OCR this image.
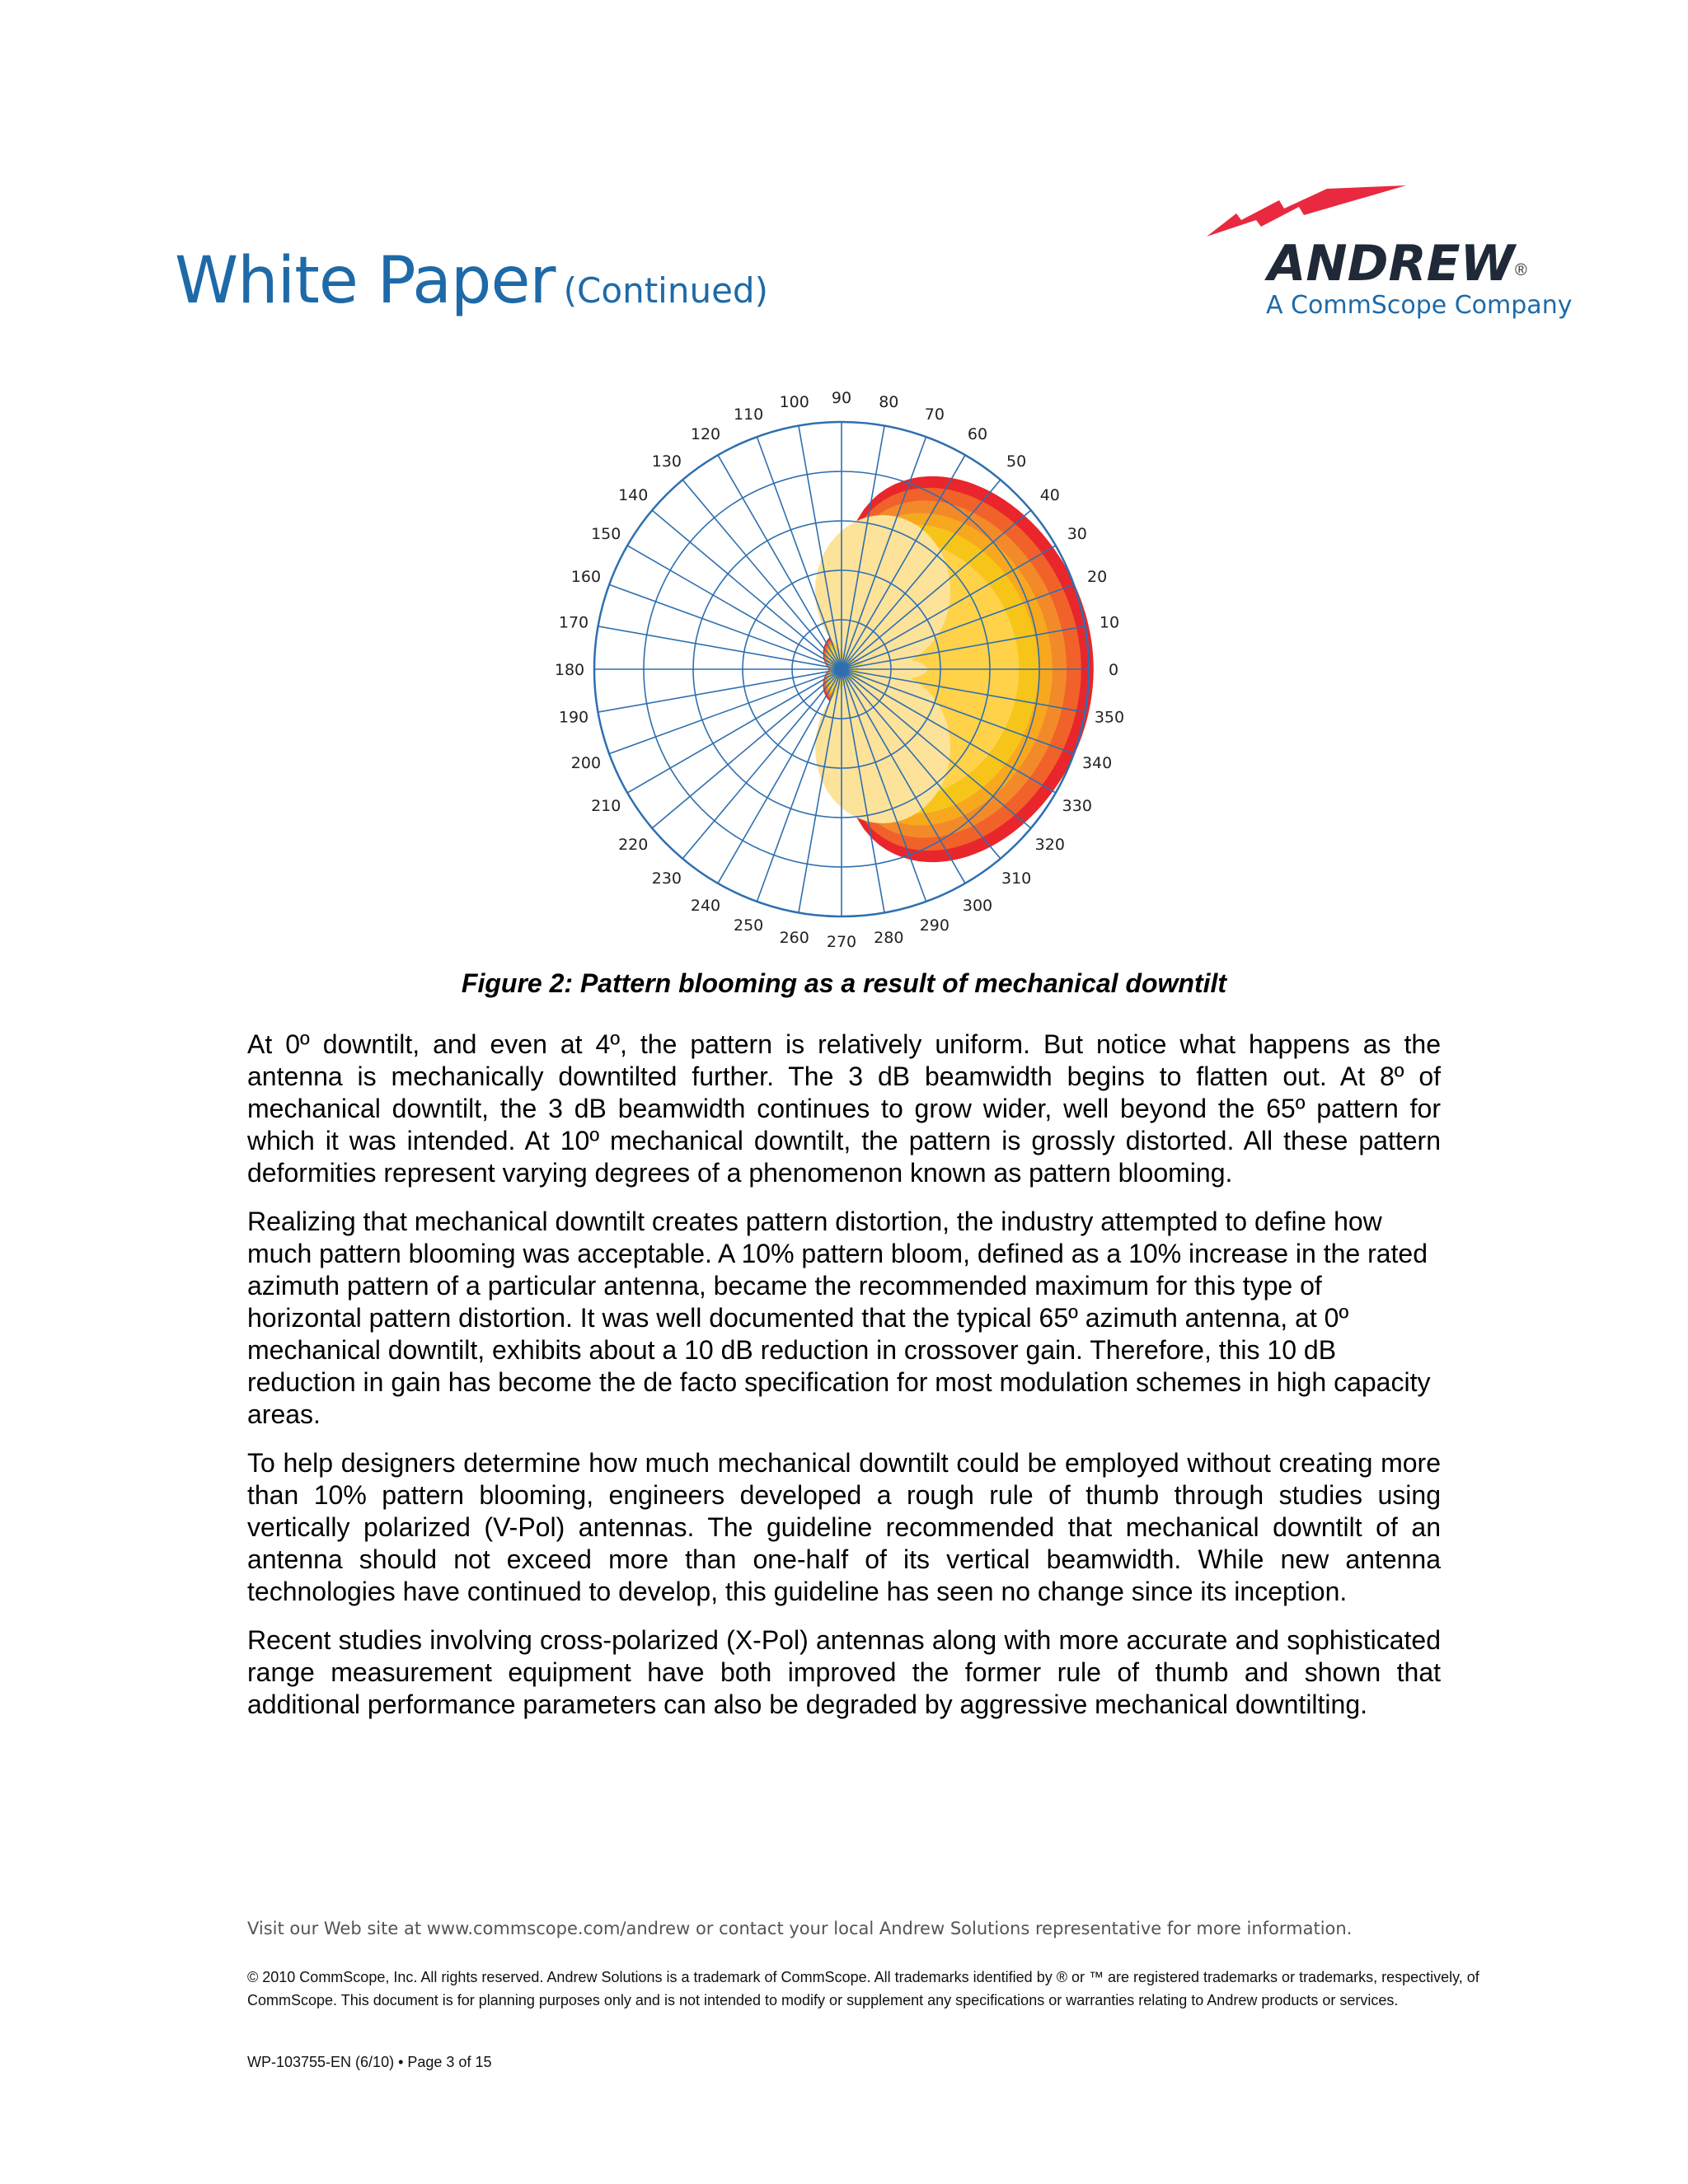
White Paper (Continued)	ANDREW ®
A CommScope Company
0
10
20
30
40
50
60
70
80
90
100
110
120
130
140
150
160
170
180
190
200
210
220
230
240
250
260 270 280
290
300
310
320
330
340
350
Figure 2: Pattern blooming as a result of mechanical downtilt

At 0º downtilt, and even at 4º, the pattern is relatively uniform. But notice what happens as the antenna is mechanically downtilted further. The 3 dB beamwidth begins to flatten out. At 8º of mechanical downtilt, the 3 dB beamwidth continues to grow wider, well beyond the 65º pattern for which it was intended. At 10º mechanical downtilt, the pattern is grossly distorted. All these pattern deformities represent varying degrees of a phenomenon known as pattern blooming.

Realizing that mechanical downtilt creates pattern distortion, the industry attempted to define how much pattern blooming was acceptable. A 10% pattern bloom, defined as a 10% increase in the rated azimuth pattern of a particular antenna, became the recommended maximum for this type of horizontal pattern distortion. It was well documented that the typical 65º azimuth antenna, at 0º mechanical downtilt, exhibits about a 10 dB reduction in crossover gain. Therefore, this 10 dB reduction in gain has become the de facto specification for most modulation schemes in high capacity areas.

To help designers determine how much mechanical downtilt could be employed without creating more than 10% pattern blooming, engineers developed a rough rule of thumb through studies using vertically polarized (V-Pol) antennas. The guideline recommended that mechanical downtilt of an antenna should not exceed more than one-half of its vertical beamwidth. While new antenna technologies have continued to develop, this guideline has seen no change since its inception.

Recent studies involving cross-polarized (X-Pol) antennas along with more accurate and sophisticated range measurement equipment have both improved the former rule of thumb and shown that additional performance parameters can also be degraded by aggressive mechanical downtilting.

Visit our Web site at www.commscope.com/andrew or contact your local Andrew Solutions representative for more information.
© 2010 CommScope, Inc. All rights reserved. Andrew Solutions is a trademark of CommScope. All trademarks identified by ® or ™ are registered trademarks or trademarks, respectively, of CommScope. This document is for planning purposes only and is not intended to modify or supplement any specifications or warranties relating to Andrew products or services.
WP-103755-EN (6/10) • Page 3 of 15
